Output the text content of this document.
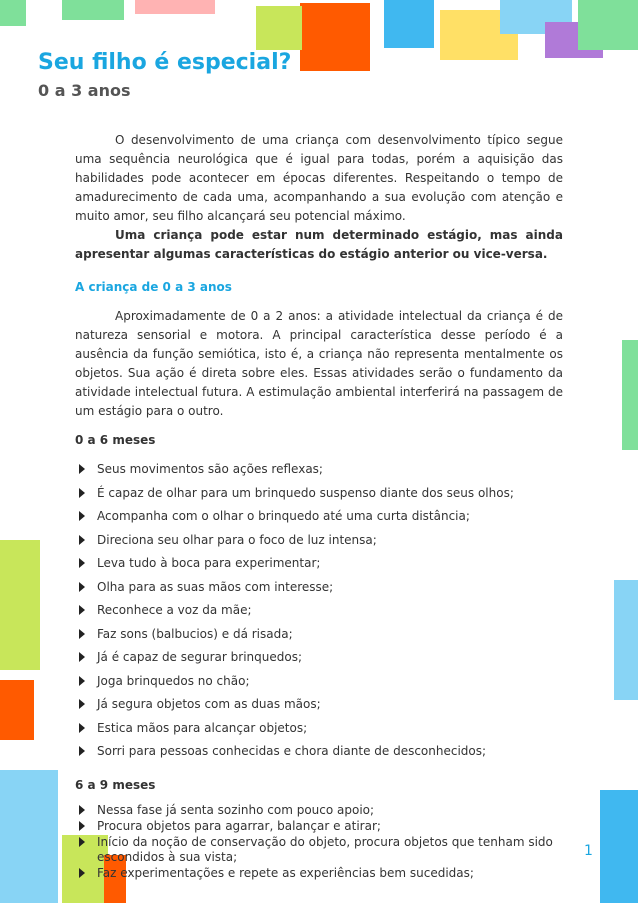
Seu filho é especial?
0 a 3 anos

O desenvolvimento de uma criança com desenvolvimento típico segue uma sequência neurológica que é igual para todas, porém a aquisição das habilidades pode acontecer em épocas diferentes. Respeitando o tempo de amadurecimento de cada uma, acompanhando a sua evolução com atenção e muito amor, seu filho alcançará seu potencial máximo.

Uma criança pode estar num determinado estágio, mas ainda apresentar algumas características do estágio anterior ou vice-versa.

A criança de 0 a 3 anos

Aproximadamente de 0 a 2 anos: a atividade intelectual da criança é de natureza sensorial e motora. A principal característica desse período é a ausência da função semiótica, isto é, a criança não representa mentalmente os objetos. Sua ação é direta sobre eles. Essas atividades serão o fundamento da atividade intelectual futura. A estimulação ambiental interferirá na passagem de um estágio para o outro.

0 a 6 meses

Seus movimentos são ações reflexas;
É capaz de olhar para um brinquedo suspenso diante dos seus olhos;
Acompanha com o olhar o brinquedo até uma curta distância;
Direciona seu olhar para o foco de luz intensa;
Leva tudo à boca para experimentar;
Olha para as suas mãos com interesse;
Reconhece a voz da mãe;
Faz sons (balbucios) e dá risada;
Já é capaz de segurar brinquedos;
Joga brinquedos no chão;
Já segura objetos com as duas mãos;
Estica mãos para alcançar objetos;
Sorri para pessoas conhecidas e chora diante de desconhecidos;

6 a 9 meses

Nessa fase já senta sozinho com pouco apoio;
Procura objetos para agarrar, balançar e atirar;
Início da noção de conservação do objeto, procura objetos que tenham sido escondidos à sua vista;
Faz experimentações e repete as experiências bem sucedidas;
1
